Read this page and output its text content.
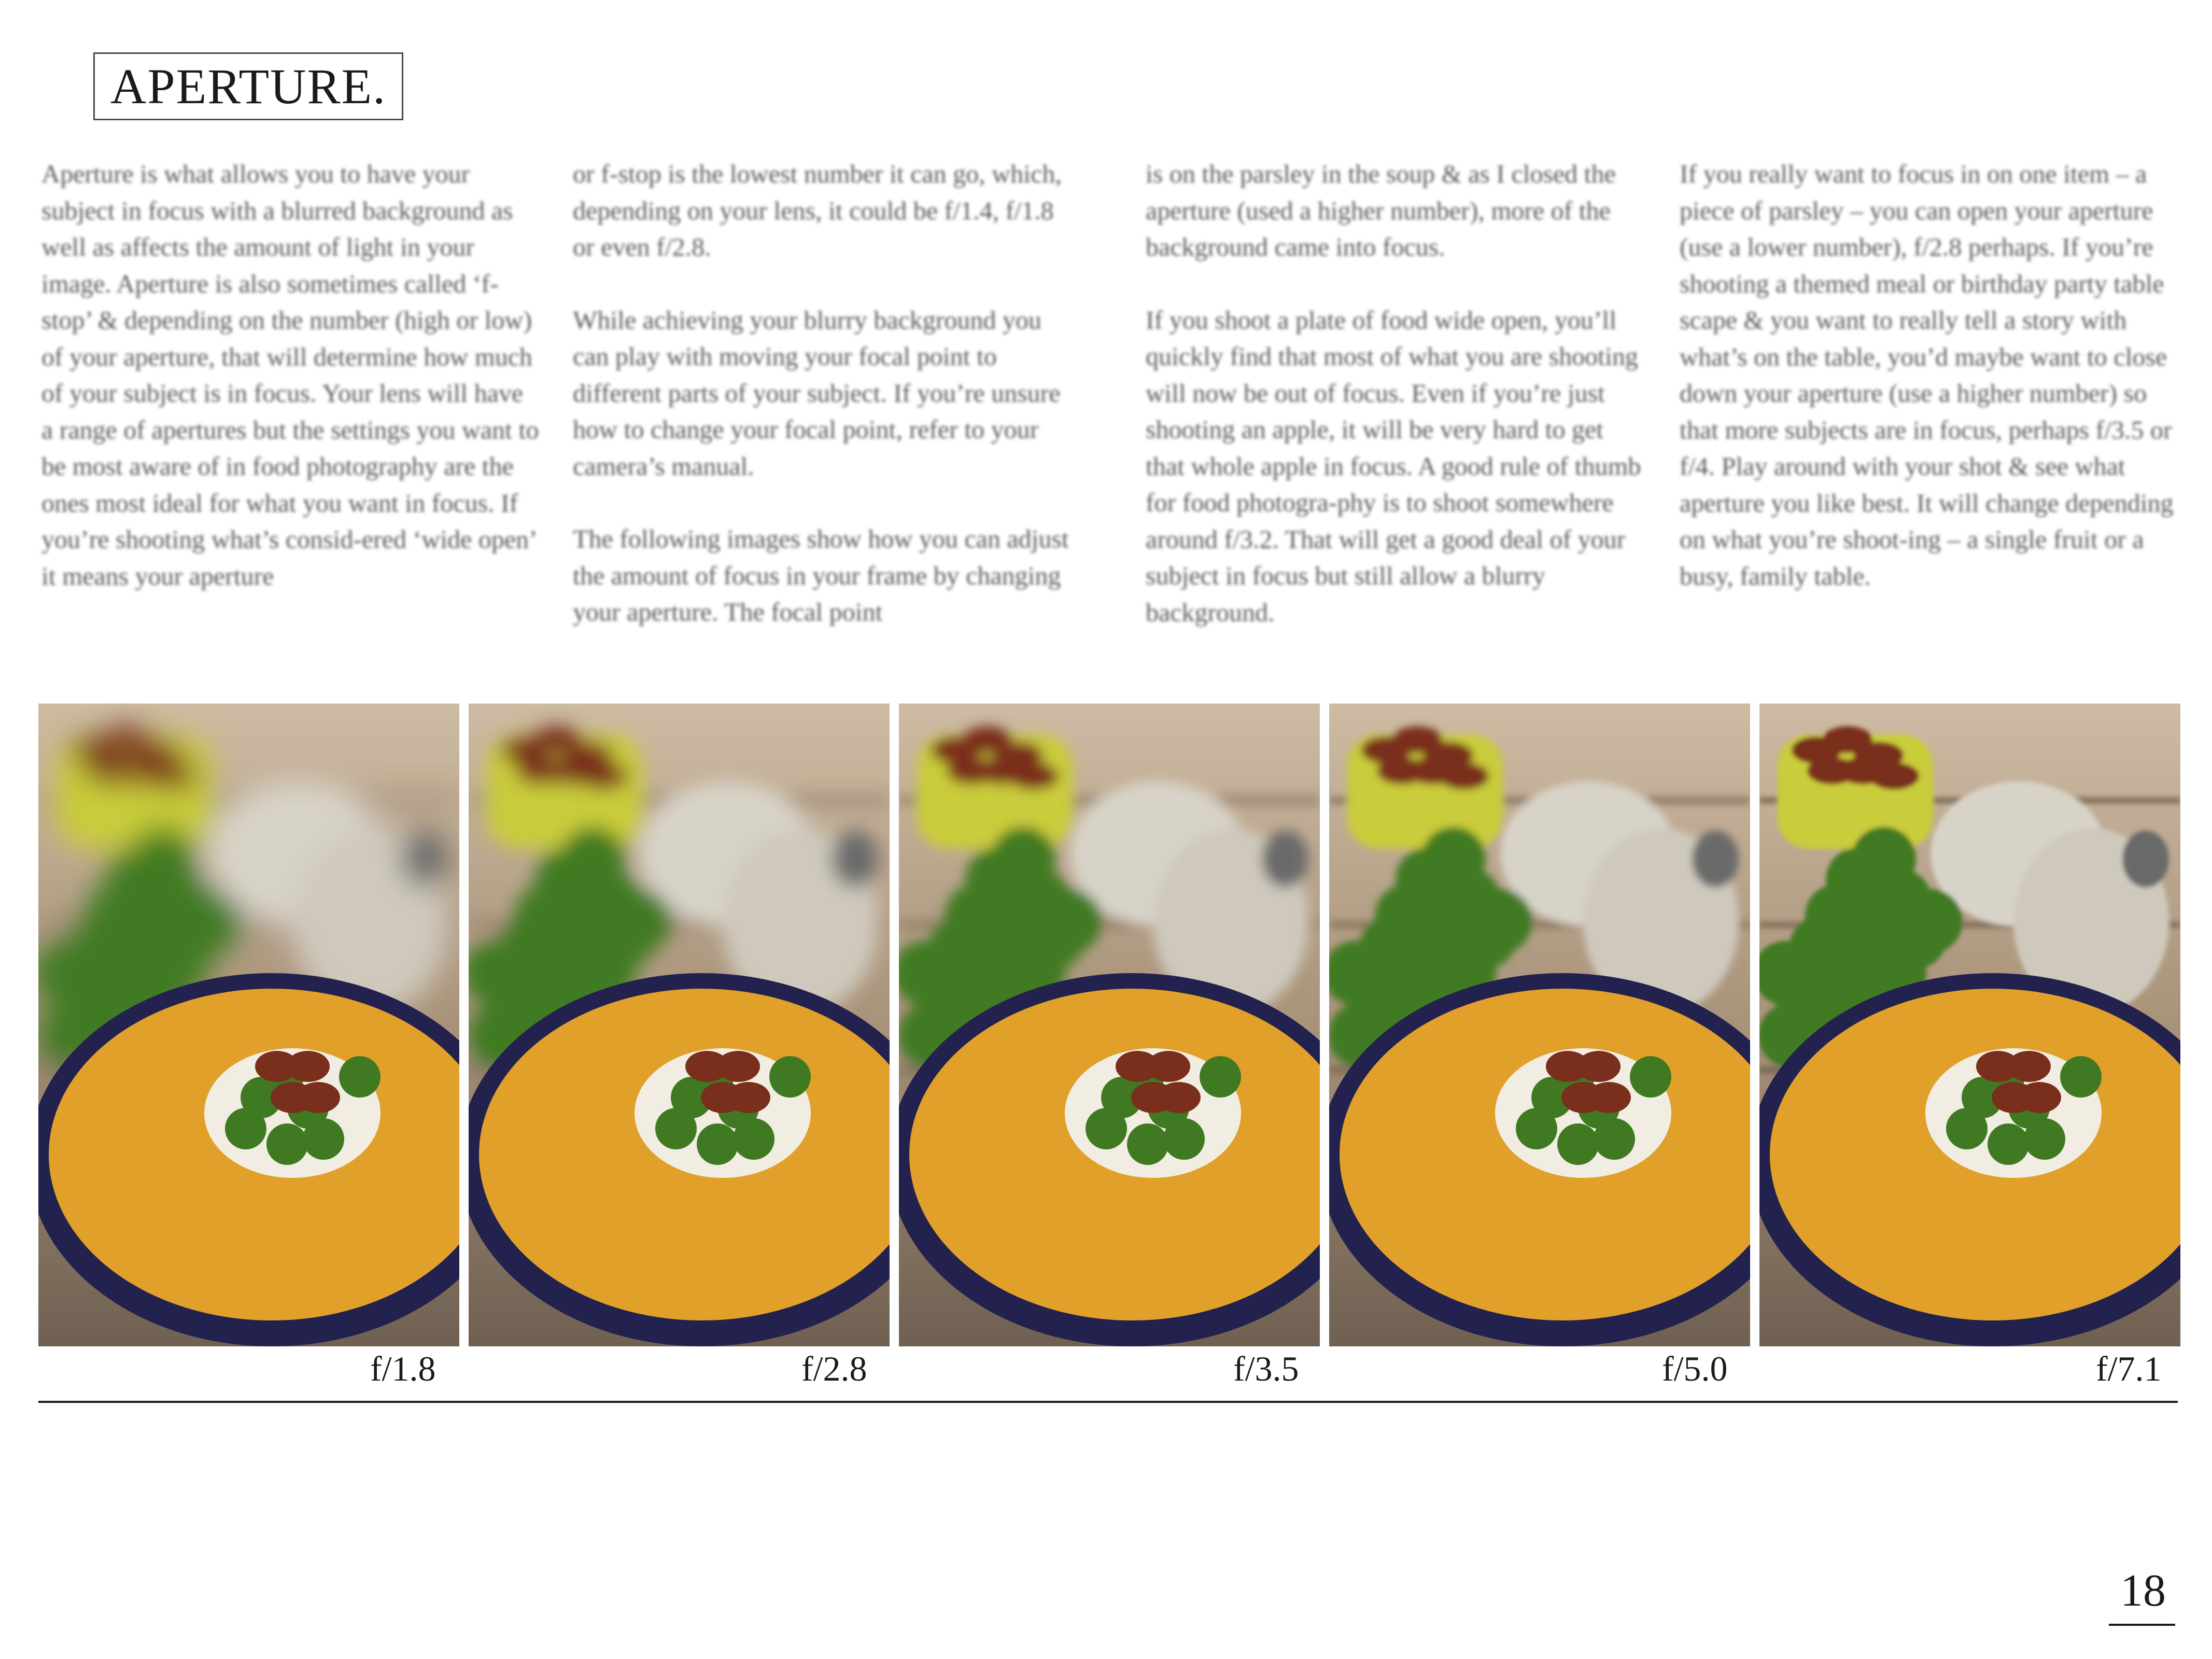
APERTURE.

Aperture is what allows you to have your subject in focus with a blurred background as well as affects the amount of light in your image. Aperture is also sometimes called ‘f-stop’ & depending on the number (high or low) of your aperture, that will determine how much of your subject is in focus. Your lens will have a range of apertures but the settings you want to be most aware of in food photography are the ones most ideal for what you want in focus. If you’re shooting what’s consid-ered ‘wide open’ it means your aperture

or f-stop is the lowest number it can go, which, depending on your lens, it could be f/1.4, f/1.8 or even f/2.8.

While achieving your blurry background you can play with moving your focal point to different parts of your subject. If you’re unsure how to change your focal point, refer to your camera’s manual.

The following images show how you can adjust the amount of focus in your frame by changing your aperture. The focal point

is on the parsley in the soup & as I closed the aperture (used a higher number), more of the background came into focus.

If you shoot a plate of food wide open, you’ll quickly find that most of what you are shooting will now be out of focus. Even if you’re just shooting an apple, it will be very hard to get that whole apple in focus. A good rule of thumb for food photogra-phy is to shoot somewhere around f/3.2. That will get a good deal of your subject in focus but still allow a blurry background.

If you really want to focus in on one item – a piece of parsley – you can open your aperture (use a lower number), f/2.8 perhaps. If you’re shooting a themed meal or birthday party table scape & you want to really tell a story with what’s on the table, you’d maybe want to close down your aperture (use a higher number) so that more subjects are in focus, perhaps f/3.5 or f/4. Play around with your shot & see what aperture you like best. It will change depending on what you’re shoot-ing – a single fruit or a busy, family table.

f/1.8	f/2.8	f/3.5	f/5.0	f/7.1
18
